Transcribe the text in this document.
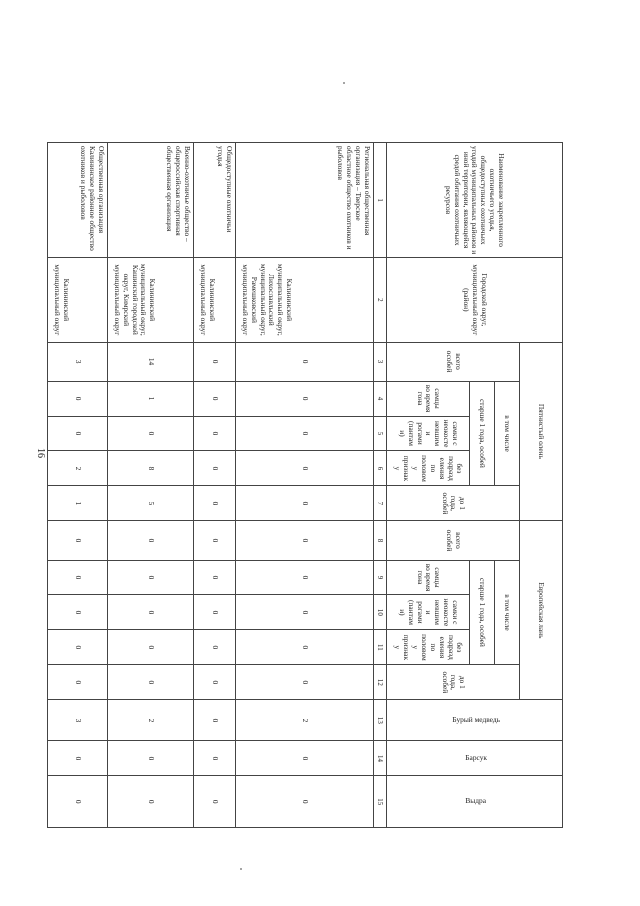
16
Наименование закрепленного охотничьего угодья, общедоступных охотничьих угодий муниципальных районов и иной территории, являющейся средой обитания охотничьих ресурсов	Городской округ, муниципальный округ (район)	Пятнистый олень					Европейская лань					Бурый медведь	Барсук	Выдра
		всего особей	в том числе			до 1 года, особей	всего особей	в том числе			до 1 года, особей			
			старше 1 года, особей					старше 1 года, особей						
			самцы во время гона	самки с неокостеневшими рогами (пантами)	без подразделения по половому признаку			самцы во время гона	самки с неокостеневшими рогами (пантами)	без подразделения по половому признаку				
1	2	3	4	5	6	7	8	9	10	11	12	13	14	15
Региональная общественная организация – Тверское областное общество охотников и рыболовов	Калининский муниципальный округ, Лихославльский муниципальный округ, Рамешковский муниципальный округ	0	0	0	0	0	0	0	0	0	0	2	0	0
Общедоступные охотничьи угодья	Калининский муниципальный округ	0	0	0	0	0	0	0	0	0	0	0	0	0
Военно-охотничье общество – общероссийская спортивная общественная организация	Калининский муниципальный округ, Кашинский городской округ, Кимрский муниципальный округ	14	1	0	8	5	0	0	0	0	0	2	0	0
Общественная организация Калининское районное общество охотников и рыболовов	Калининский муниципальный округ	3	0	0	2	1	0	0	0	0	0	3	0	0
